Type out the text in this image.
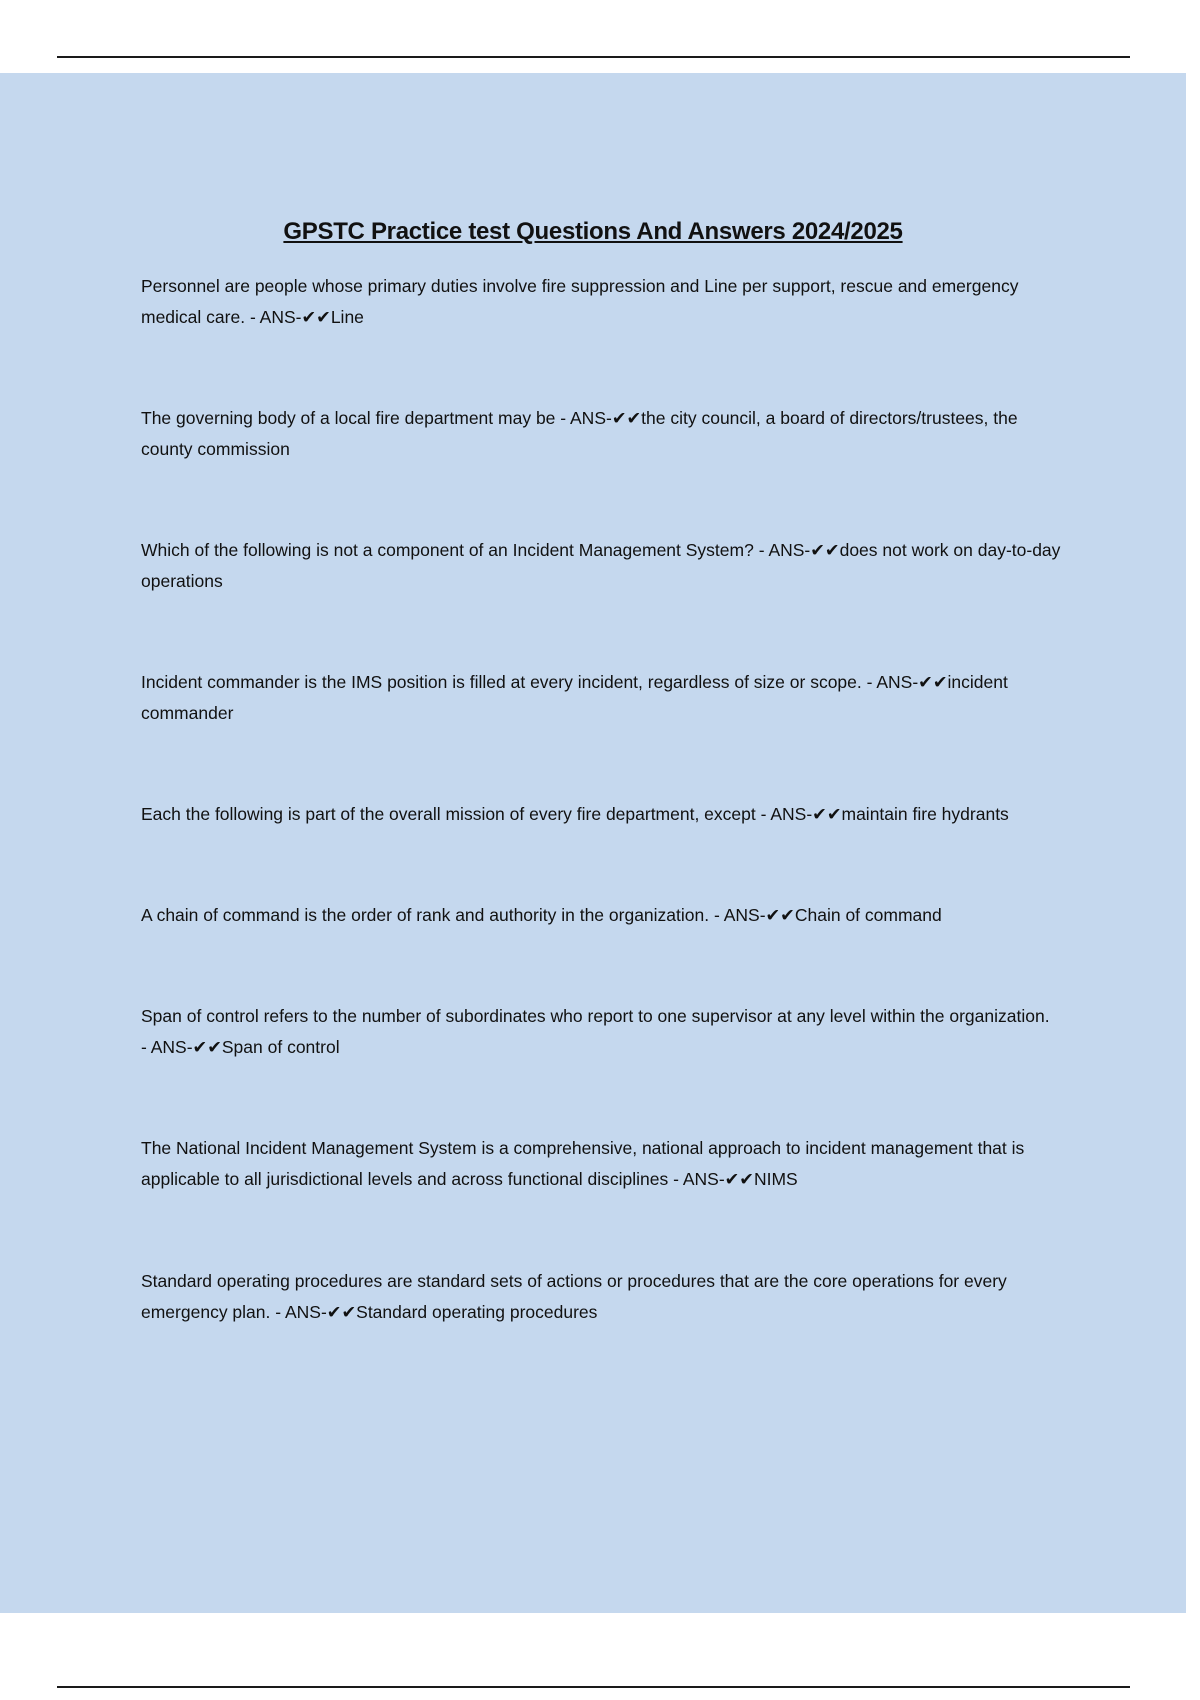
GPSTC Practice test Questions And Answers 2024/2025
Personnel are people whose primary duties involve fire suppression and Line per support, rescue and emergency medical care. - ANS-✔✔Line
The governing body of a local fire department may be - ANS-✔✔the city council, a board of directors/trustees, the county commission
Which of the following is not a component of an Incident Management System? - ANS-✔✔does not work on day-to-day operations
Incident commander is the IMS position is filled at every incident, regardless of size or scope. - ANS-✔✔incident commander
Each the following is part of the overall mission of every fire department, except - ANS-✔✔maintain fire hydrants
A chain of command is the order of rank and authority in the organization. - ANS-✔✔Chain of command
Span of control refers to the number of subordinates who report to one supervisor at any level within the organization. - ANS-✔✔Span of control
The National Incident Management System is a comprehensive, national approach to incident management that is applicable to all jurisdictional levels and across functional disciplines - ANS-✔✔NIMS
Standard operating procedures are standard sets of actions or procedures that are the core operations for every emergency plan. - ANS-✔✔Standard operating procedures
